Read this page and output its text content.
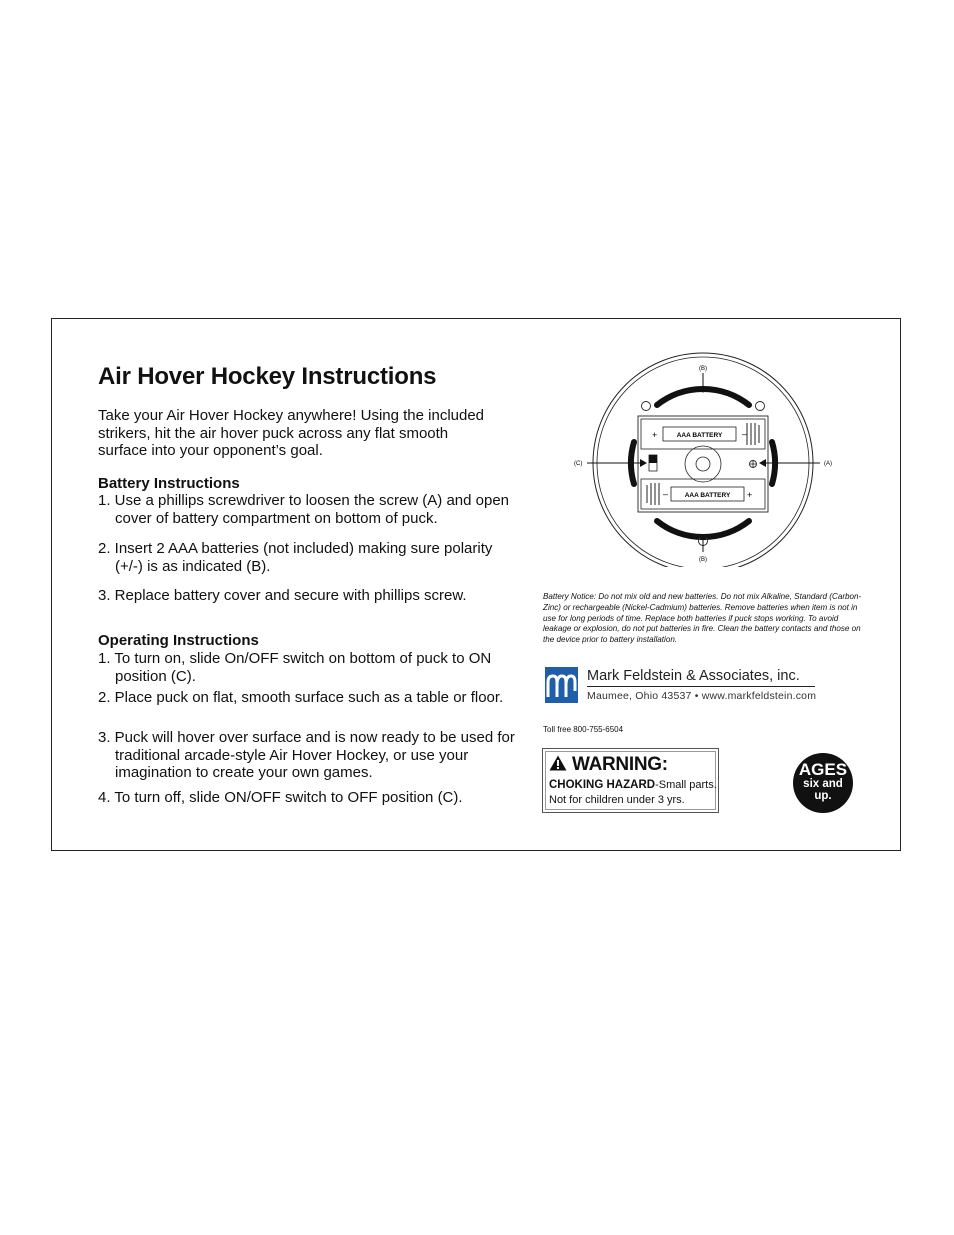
Air Hover Hockey Instructions

Take your Air Hover Hockey anywhere! Using the included strikers, hit the air hover puck across any flat smooth surface into your opponent’s goal.

Battery Instructions

1. Use a phillips screwdriver to loosen the screw (A) and open cover of battery compartment on bottom of puck.

2. Insert 2 AAA batteries (not included) making sure polarity (+/-) is as indicated (B).

3. Replace battery cover and secure with phillips screw.

Operating Instructions

1. To turn on, slide On/OFF switch on bottom of puck to ON position (C).

2. Place puck on flat, smooth surface such as a table or floor.

3. Puck will hover over surface and is now ready to be used for traditional arcade-style Air Hover Hockey, or use your imagination to create your own games.

4. To turn off, slide ON/OFF switch to OFF position (C).

AAA BATTERY
+	–
AAA BATTERY
–	+
(B)
(B)
(C)	(A)

Battery Notice: Do not mix old and new batteries. Do not mix Alkaline, Standard (Carbon-Zinc) or rechargeable (Nickel-Cadmium) batteries. Remove batteries when item is not in use for long periods of time. Replace both batteries if puck stops working. To avoid leakage or explosion, do not put batteries in fire. Clean the battery contacts and those on the device prior to battery installation.

Mark Feldstein & Associates, inc.
Maumee, Ohio 43537 • www.markfeldstein.com
Toll free 800-755-6504
WARNING:
CHOKING HAZARD-Small parts.
Not for children under 3 yrs.
AGES
six and
up.
